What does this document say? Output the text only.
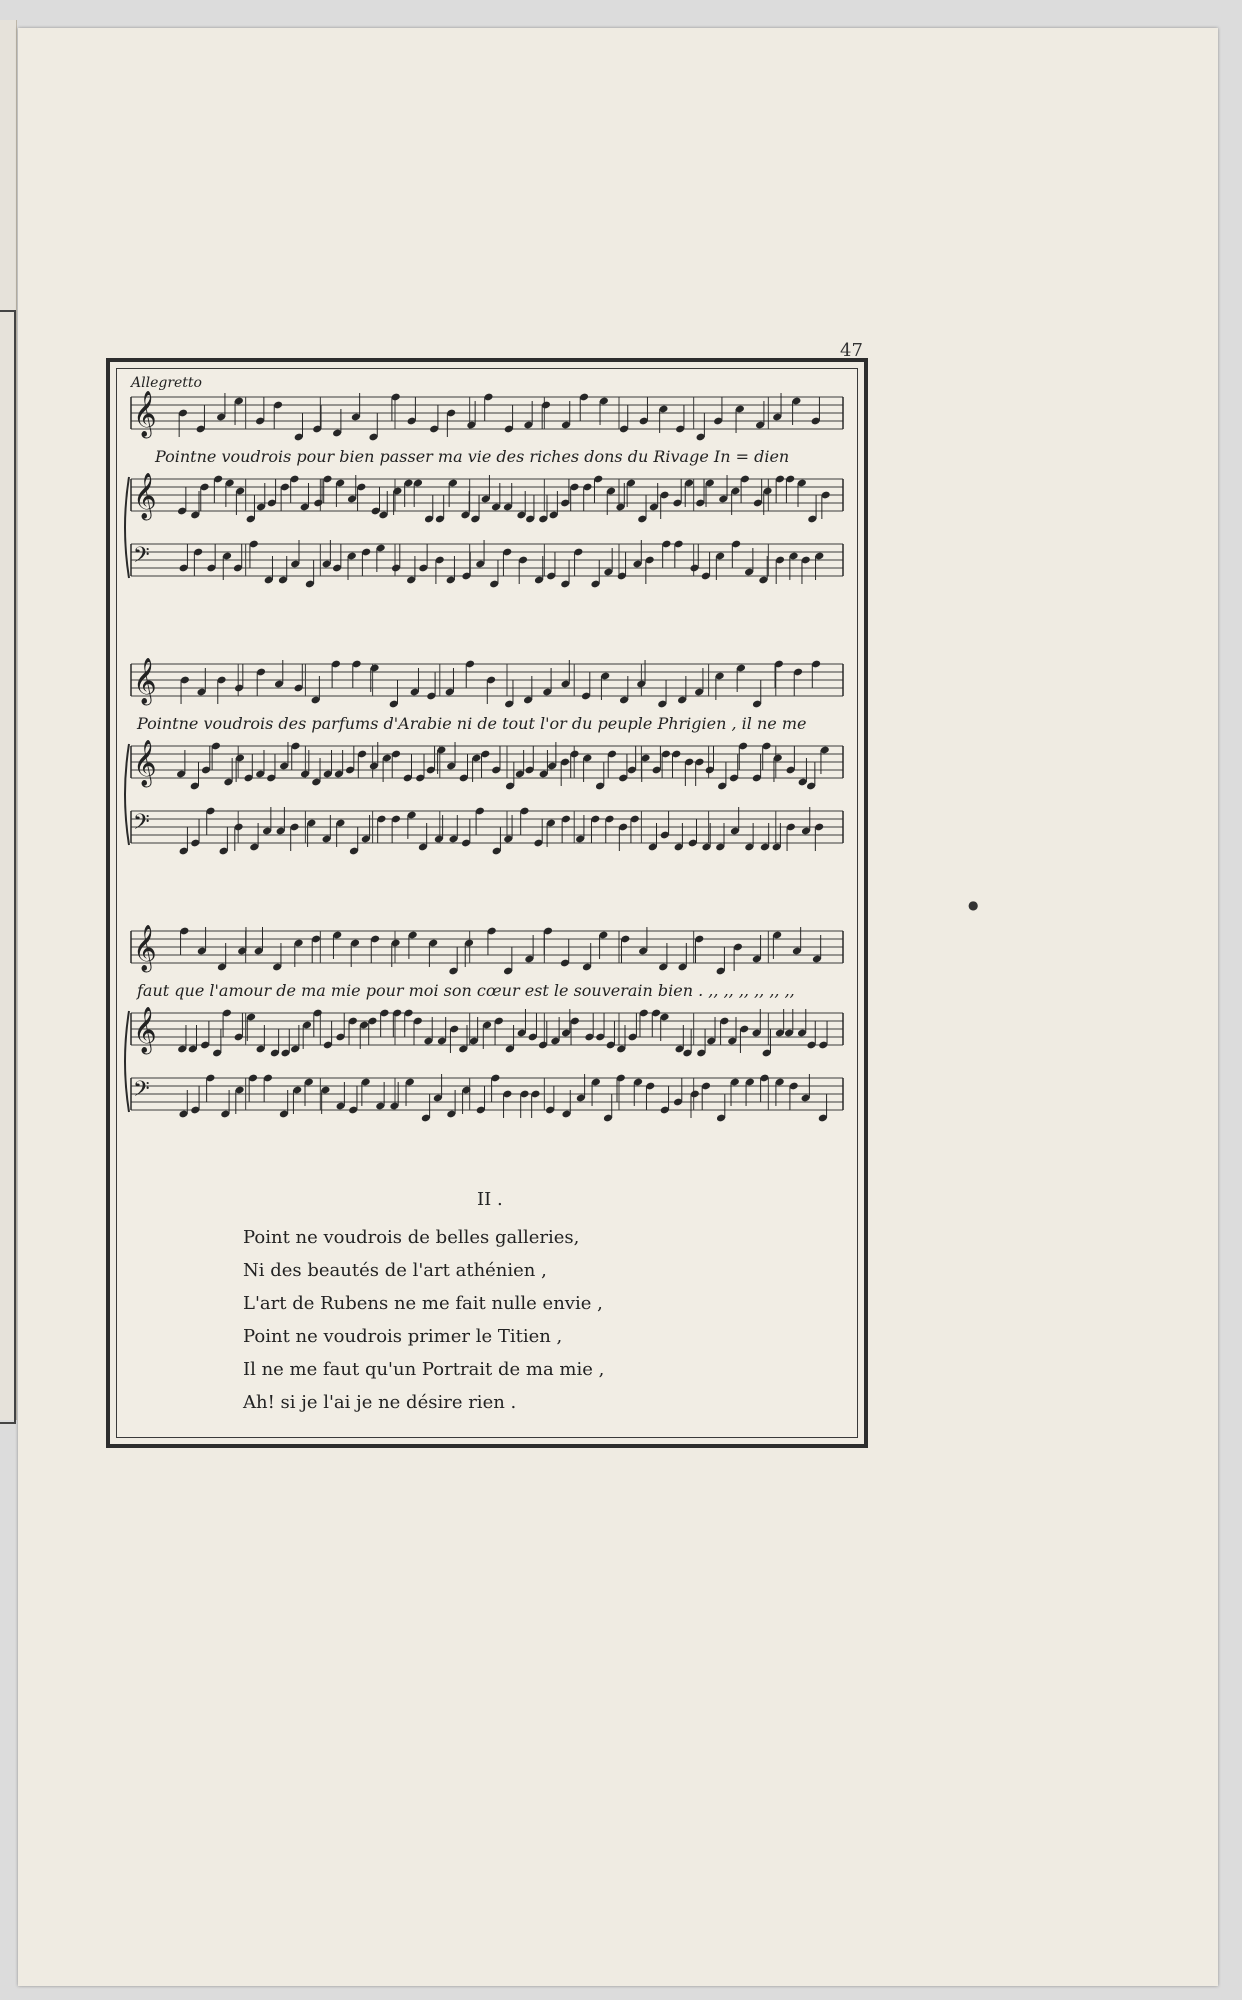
47
Allegretto
𝄞
𝄞
𝄢
𝄞
𝄞
𝄢
𝄞
𝄞
𝄢
Pointne voudrois pour bien passer ma vie des riches dons du Rivage In = dien
Pointne voudrois des parfums d'Arabie ni de tout l'or du peuple Phrigien , il ne me
faut que l'amour de ma mie pour moi son cœur est le souverain bien . ,, ,, ,, ,, ,, ,,
II .
Point ne voudrois de belles galleries,
Ni des beautés de l'art athénien ,
L'art de Rubens ne me fait nulle envie ,
Point ne voudrois primer le Titien ,
Il ne me faut qu'un Portrait de ma mie ,
Ah! si je l'ai je ne désire rien .
●
